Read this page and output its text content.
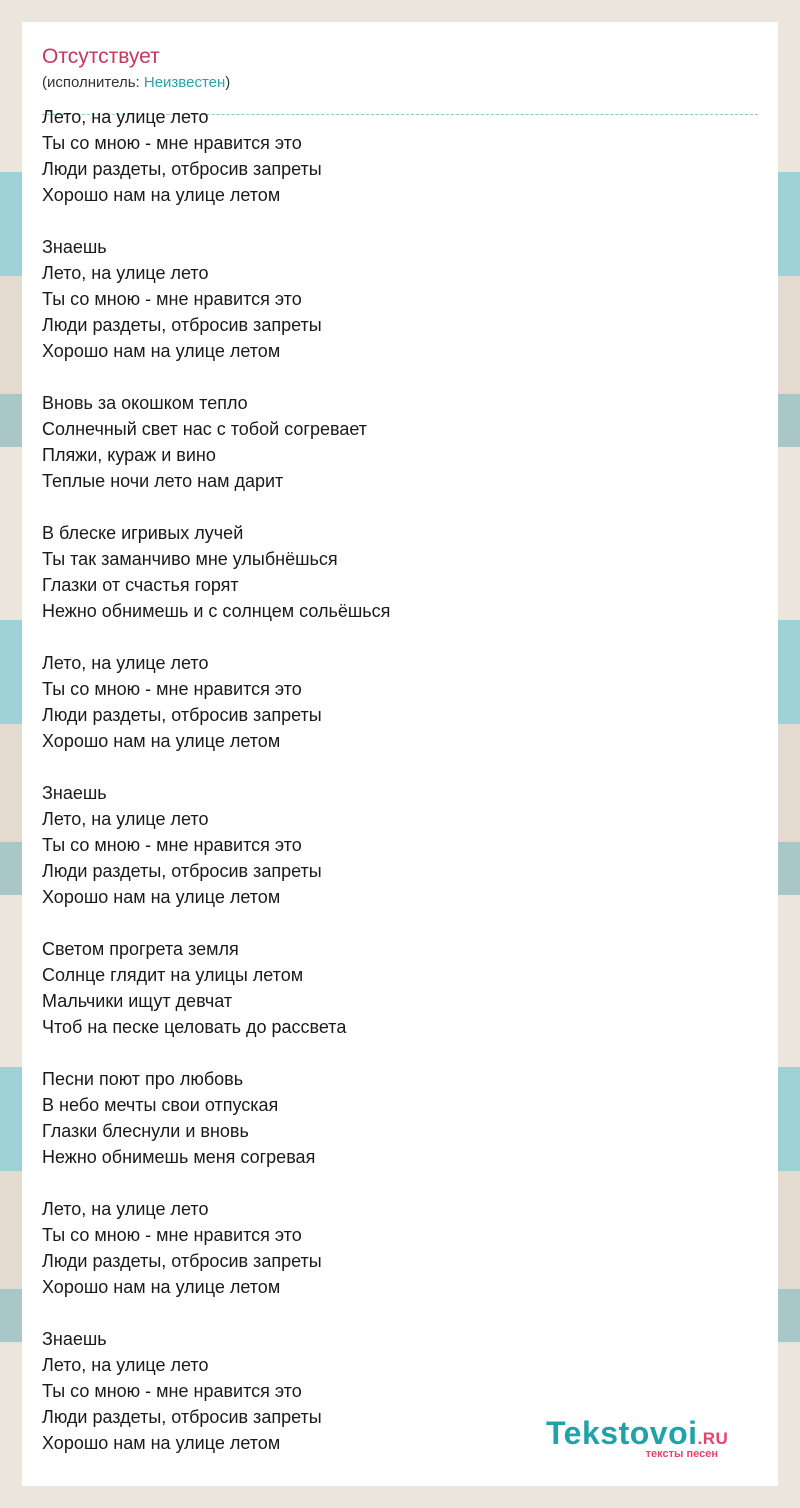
Отсутствует
(исполнитель: Неизвестен)
Лето, на улице лето
Ты со мною - мне нравится это
Люди раздеты, отбросив запреты
Хорошо нам на улице летом
Знаешь
Лето, на улице лето
Ты со мною - мне нравится это
Люди раздеты, отбросив запреты
Хорошо нам на улице летом
Вновь за окошком тепло
Солнечный свет нас с тобой согревает
Пляжи, кураж и вино
Теплые ночи лето нам дарит
В блеске игривых лучей
Ты так заманчиво мне улыбнёшься
Глазки от счастья горят
Нежно обнимешь и с солнцем сольёшься
Лето, на улице лето
Ты со мною - мне нравится это
Люди раздеты, отбросив запреты
Хорошо нам на улице летом
Знаешь
Лето, на улице лето
Ты со мною - мне нравится это
Люди раздеты, отбросив запреты
Хорошо нам на улице летом
Светом прогрета земля
Солнце глядит на улицы летом
Мальчики ищут девчат
Чтоб на песке целовать до рассвета
Песни поют про любовь
В небо мечты свои отпуская
Глазки блеснули и вновь
Нежно обнимешь меня согревая
Лето, на улице лето
Ты со мною - мне нравится это
Люди раздеты, отбросив запреты
Хорошо нам на улице летом
Знаешь
Лето, на улице лето
Ты со мною - мне нравится это
Люди раздеты, отбросив запреты
Хорошо нам на улице летом	Tekstovoi.RU
тексты песен
